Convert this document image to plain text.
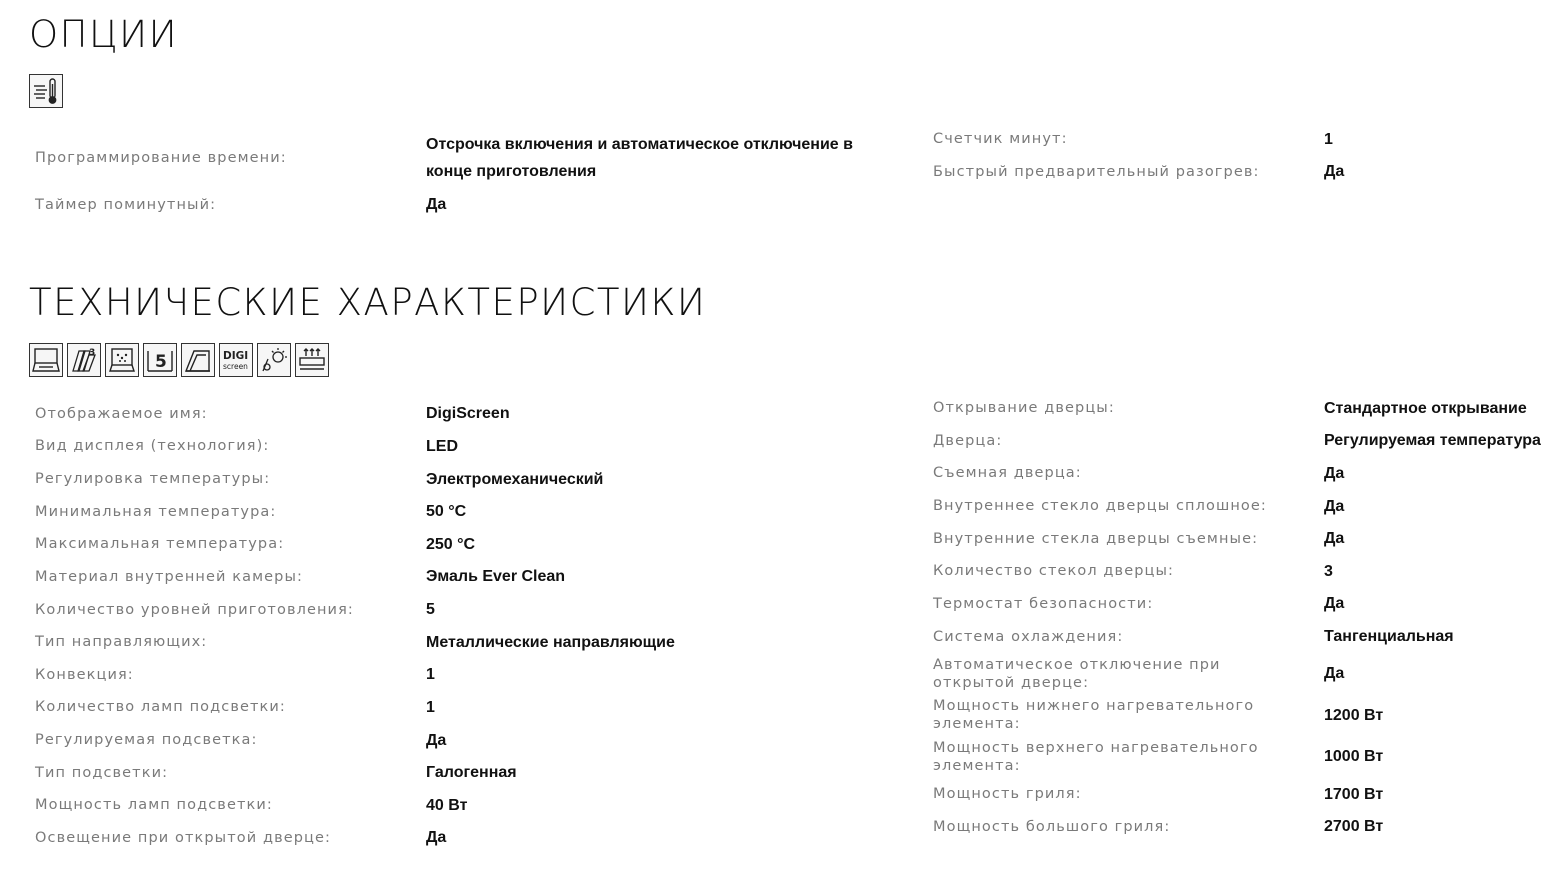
ОПЦИИ
Программирование времени:
Отсрочка включения и автоматическое отключение в конце приготовления
Таймер поминутный:	Да
Счетчик минут:	1
Быстрый предварительный разогрев:	Да
ТЕХНИЧЕСКИЕ ХАРАКТЕРИСТИКИ
3	5	DIGI
screen
Отображаемое имя:	DigiScreen
Вид дисплея (технология):	LED
Регулировка температуры:	Электромеханический
Минимальная температура:	50 °C
Максимальная температура:	250 °C
Материал внутренней камеры:	Эмаль Ever Clean
Количество уровней приготовления:	5
Тип направляющих:	Металлические направляющие
Конвекция:	1
Количество ламп подсветки:	1
Регулируемая подсветка:	Да
Тип подсветки:	Галогенная
Мощность ламп подсветки:	40 Вт
Освещение при открытой дверце:	Да
Открывание дверцы:	Стандартное открывание
Дверца:	Регулируемая температура
Съемная дверца:	Да
Внутреннее стекло дверцы сплошное:	Да
Внутренние стекла дверцы съемные:	Да
Количество стекол дверцы:	3
Термостат безопасности:	Да
Система охлаждения:	Тангенциальная
Автоматическое отключение при
открытой дверце:
Да
Мощность нижнего нагревательного
элемента:	1200 Вт
Мощность верхнего нагревательного
элемента:
1000 Вт
Мощность гриля:	1700 Вт
Мощность большого гриля:	2700 Вт
